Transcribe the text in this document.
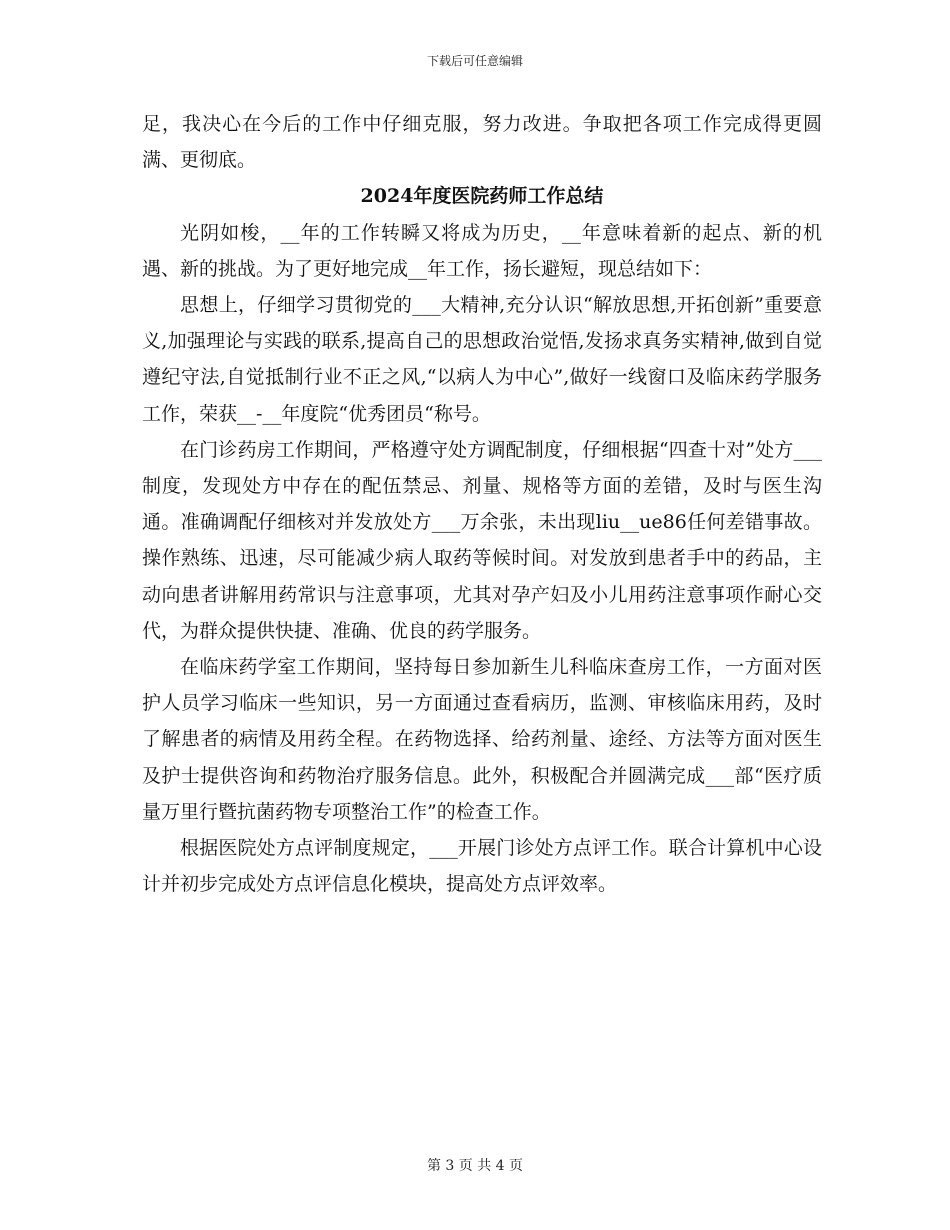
下载后可任意编辑

足，我决心在今后的工作中仔细克服，努力改进。争取把各项工作完成得更圆满、更彻底。

2024年度医院药师工作总结

光阴如梭，__年的工作转瞬又将成为历史，__年意味着新的起点、新的机遇、新的挑战。为了更好地完成__年工作，扬长避短，现总结如下：

思想上，仔细学习贯彻党的___大精神,充分认识“解放思想,开拓创新”重要意义,加强理论与实践的联系,提高自己的思想政治觉悟,发扬求真务实精神,做到自觉遵纪守法,自觉抵制行业不正之风,“以病人为中心”,做好一线窗口及临床药学服务工作，荣获__-__年度院“优秀团员“称号。

在门诊药房工作期间，严格遵守处方调配制度，仔细根据“四查十对”处方___制度，发现处方中存在的配伍禁忌、剂量、规格等方面的差错，及时与医生沟通。准确调配仔细核对并发放处方___万余张，未出现liu__ue86任何差错事故。操作熟练、迅速，尽可能减少病人取药等候时间。对发放到患者手中的药品，主动向患者讲解用药常识与注意事项，尤其对孕产妇及小儿用药注意事项作耐心交代，为群众提供快捷、准确、优良的药学服务。

在临床药学室工作期间，坚持每日参加新生儿科临床查房工作，一方面对医护人员学习临床一些知识，另一方面通过查看病历，监测、审核临床用药，及时了解患者的病情及用药全程。在药物选择、给药剂量、途经、方法等方面对医生及护士提供咨询和药物治疗服务信息。此外，积极配合并圆满完成___部“医疗质量万里行暨抗菌药物专项整治工作”的检查工作。

根据医院处方点评制度规定，___开展门诊处方点评工作。联合计算机中心设计并初步完成处方点评信息化模块，提高处方点评效率。

第 3 页 共 4 页
